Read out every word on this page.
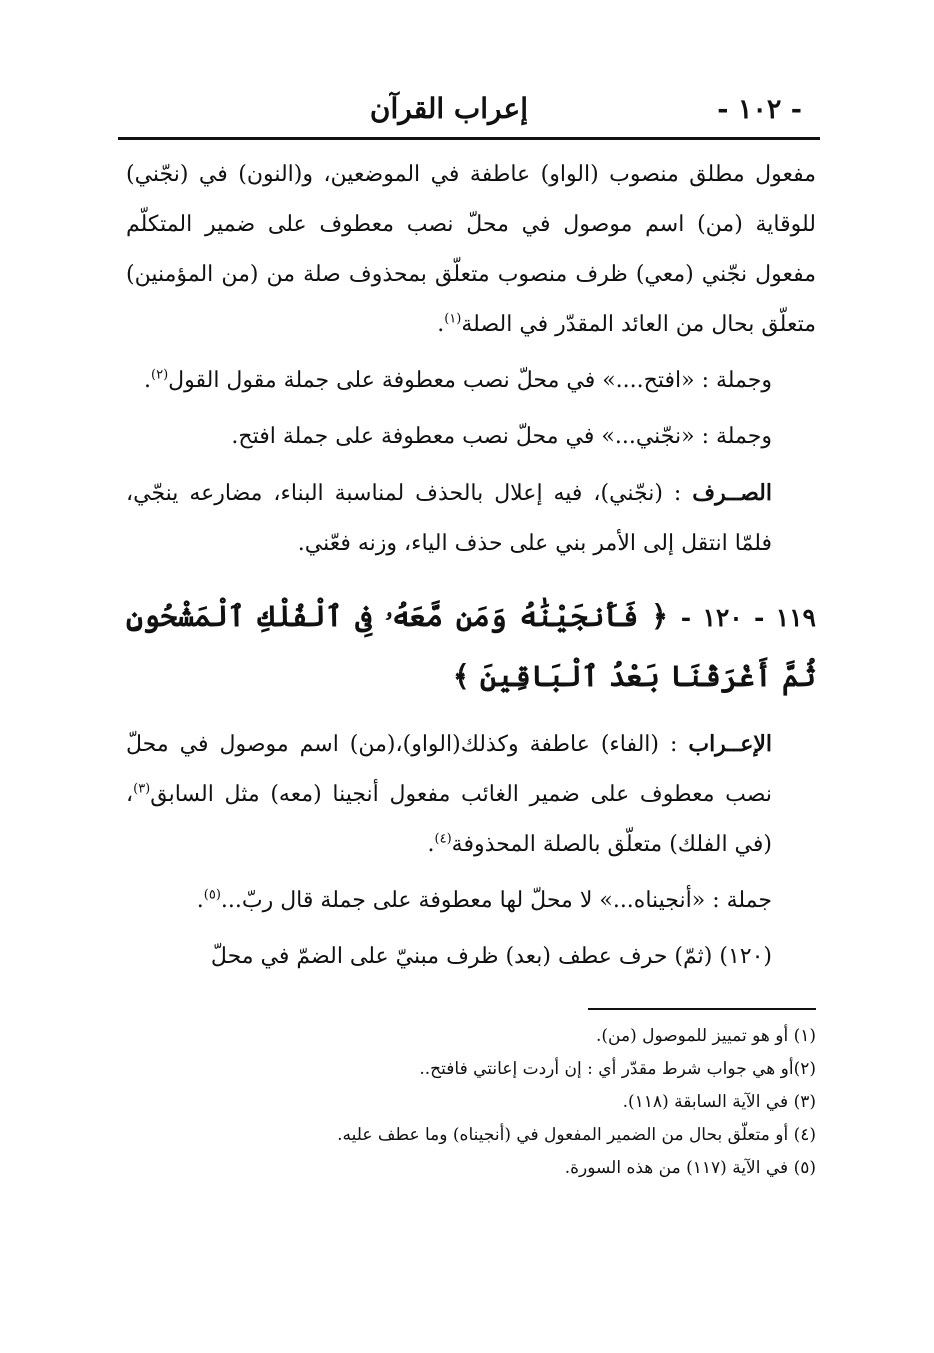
- ١٠٢ -
إعراب القرآن

مفعول مطلق منصوب (الواو) عاطفة في الموضعين، و(النون) في (نجّني) للوقاية (من) اسم موصول في محلّ نصب معطوف على ضمير المتكلّم مفعول نجّني (معي) ظرف منصوب متعلّق بمحذوف صلة من (من المؤمنين) متعلّق بحال من العائد المقدّر في الصلة$^{(١)}$.

وجملة : «افتح....» في محلّ نصب معطوفة على جملة مقول القول$^{(٢)}$.

وجملة : «نجّني...» في محلّ نصب معطوفة على جملة افتح.

الصــرف : (نجّني)، فيه إعلال بالحذف لمناسبة البناء، مضارعه ينجّي، فلمّا انتقل إلى الأمر بني على حذف الياء، وزنه فعّني.

١١٩ - ١٢٠ - ﴿ فَأَنجَيْنَٰهُ وَمَن مَّعَهُۥ فِى ٱلْفُلْكِ ٱلْمَشْحُونِ ثُمَّ أَغْرَقْنَا بَعْدُ ٱلْبَاقِينَ ﴾

الإعــراب : (الفاء) عاطفة وكذلك(الواو)،(من) اسم موصول في محلّ نصب معطوف على ضمير الغائب مفعول أنجينا (معه) مثل السابق$^{(٣)}$، (في الفلك) متعلّق بالصلة المحذوفة$^{(٤)}$.

جملة : «أنجيناه...» لا محلّ لها معطوفة على جملة قال ربّ...$^{(٥)}$.

(١٢٠) (ثمّ) حرف عطف (بعد) ظرف مبنيّ على الضمّ في محلّ

(١) أو هو تمييز للموصول (من).

(٢)أو هي جواب شرط مقدّر أي : إن أردت إعانتي فافتح..

(٣) في الآية السابقة (١١٨).

(٤) أو متعلّق بحال من الضمير المفعول في (أنجيناه) وما عطف عليه.

(٥) في الآية (١١٧) من هذه السورة.
